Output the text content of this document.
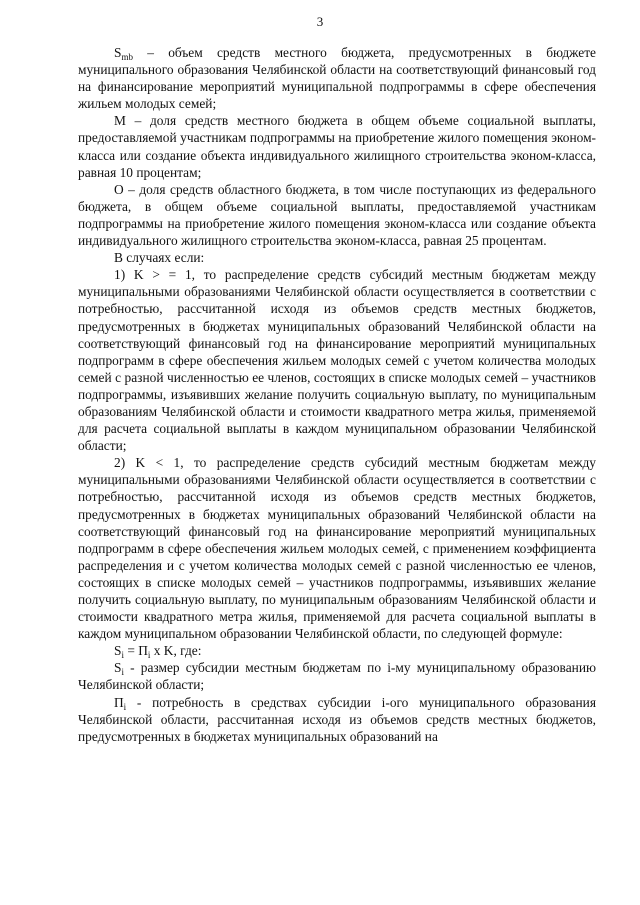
3

$S_{mb}$ – объем средств местного бюджета, предусмотренных в бюджете муниципального образования Челябинской области на соответствующий финансовый год на финансирование мероприятий муниципальной подпрограммы в сфере обеспечения жильем молодых семей;

М – доля средств местного бюджета в общем объеме социальной выплаты, предоставляемой участникам подпрограммы на приобретение жилого помещения эконом-класса или создание объекта индивидуального жилищного строительства эконом-класса, равная 10 процентам;

О – доля средств областного бюджета, в том числе поступающих из федерального бюджета, в общем объеме социальной выплаты, предоставляемой участникам подпрограммы на приобретение жилого помещения эконом-класса или создание объекта индивидуального жилищного строительства эконом-класса, равная 25 процентам.

В случаях если:

1) K > = 1, то распределение средств субсидий местным бюджетам между муниципальными образованиями Челябинской области осуществляется в соответствии с потребностью, рассчитанной исходя из объемов средств местных бюджетов, предусмотренных в бюджетах муниципальных образований Челябинской области на соответствующий финансовый год на финансирование мероприятий муниципальных подпрограмм в сфере обеспечения жильем молодых семей с учетом количества молодых семей с разной численностью ее членов, состоящих в списке молодых семей – участников подпрограммы, изъявивших желание получить социальную выплату, по муниципальным образованиям Челябинской области и стоимости квадратного метра жилья, применяемой для расчета социальной выплаты в каждом муниципальном образовании Челябинской области;

2) K < 1, то распределение средств субсидий местным бюджетам между муниципальными образованиями Челябинской области осуществляется в соответствии с потребностью, рассчитанной исходя из объемов средств местных бюджетов, предусмотренных в бюджетах муниципальных образований Челябинской области на соответствующий финансовый год на финансирование мероприятий муниципальных подпрограмм в сфере обеспечения жильем молодых семей, с применением коэффициента распределения и с учетом количества молодых семей с разной численностью ее членов, состоящих в списке молодых семей – участников подпрограммы, изъявивших желание получить социальную выплату, по муниципальным образованиям Челябинской области и стоимости квадратного метра жилья, применяемой для расчета социальной выплаты в каждом муниципальном образовании Челябинской области, по следующей формуле:

$S_i = П_i$ х K, где:

$S_i$ - размер субсидии местным бюджетам по i-му муниципальному образованию Челябинской области;

$П_i$ - потребность в средствах субсидии i-ого муниципального образования Челябинской области, рассчитанная исходя из объемов средств местных бюджетов, предусмотренных в бюджетах муниципальных образований на
